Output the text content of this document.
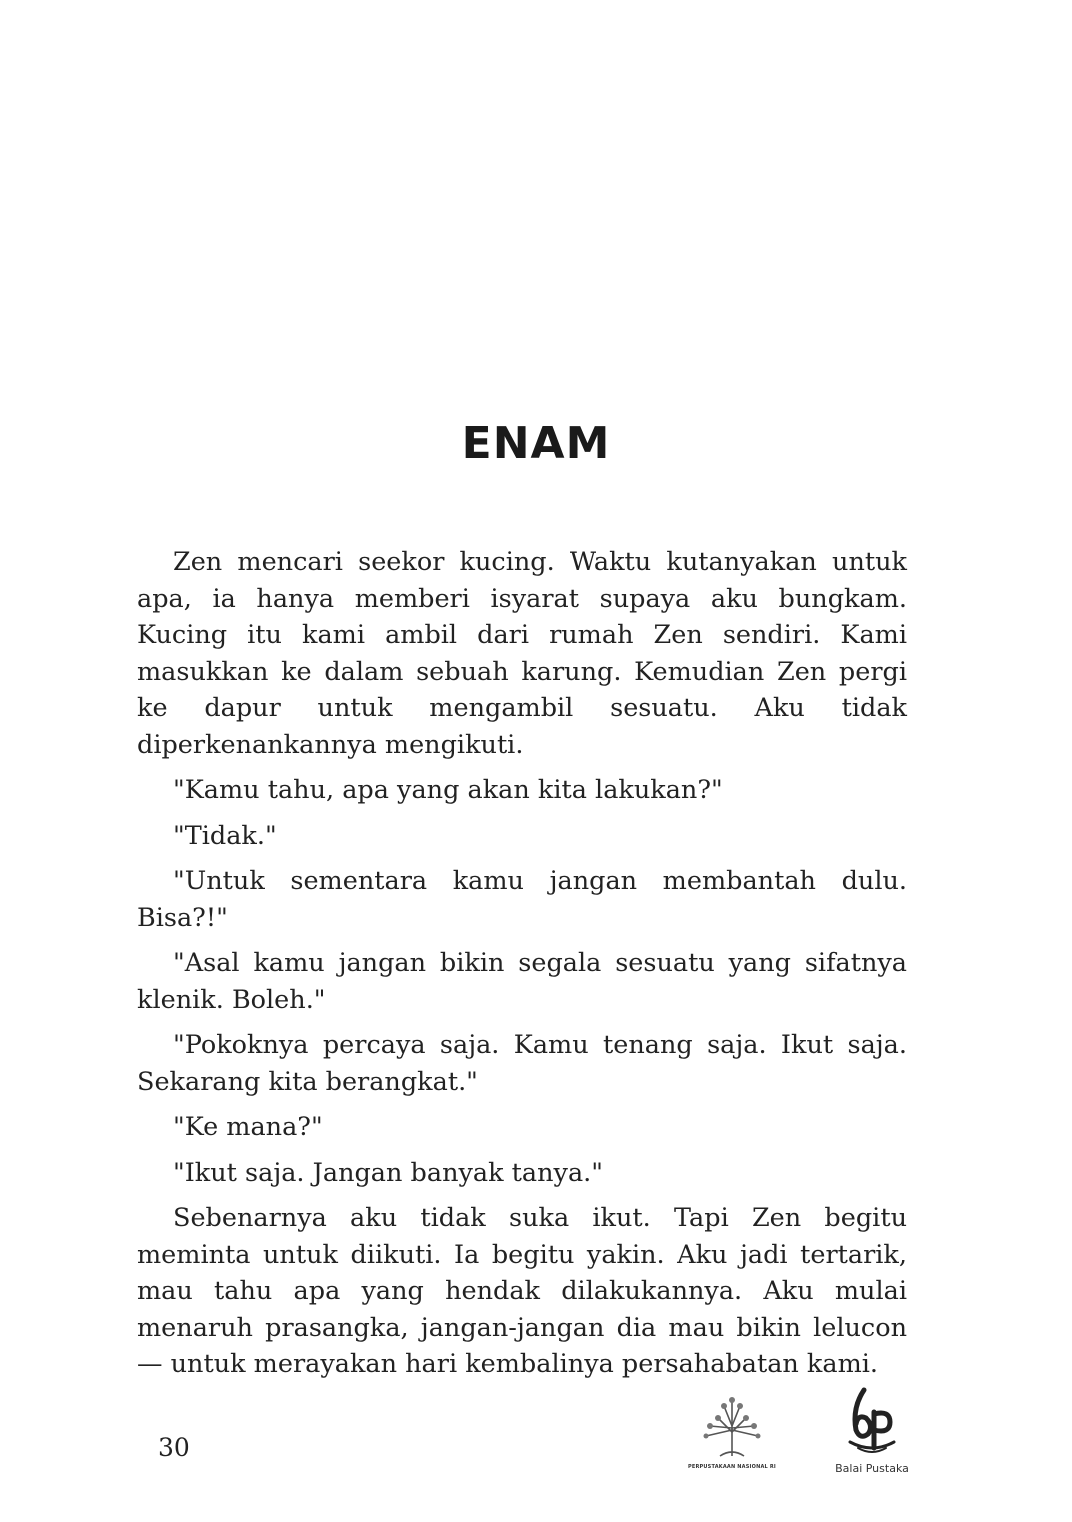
ENAM

Zen mencari seekor kucing. Waktu kutanyakan untuk apa, ia hanya memberi isyarat supaya aku bungkam. Kucing itu kami ambil dari rumah Zen sendiri. Kami masukkan ke dalam sebuah karung. Kemudian Zen pergi ke dapur untuk mengambil sesuatu. Aku tidak diperkenankannya mengikuti.

"Kamu tahu, apa yang akan kita lakukan?"

"Tidak."

"Untuk sementara kamu jangan membantah dulu. Bisa?!"

"Asal kamu jangan bikin segala sesuatu yang sifatnya klenik. Boleh."

"Pokoknya percaya saja. Kamu tenang saja. Ikut saja. Sekarang kita berangkat."

"Ke mana?"

"Ikut saja. Jangan banyak tanya."

Sebenarnya aku tidak suka ikut. Tapi Zen begitu meminta untuk diikuti. Ia begitu yakin. Aku jadi tertarik, mau tahu apa yang hendak dilakukannya. Aku mulai menaruh prasangka, jangan-jangan dia mau bikin lelucon — untuk merayakan hari kembalinya persahabatan kami.

30
PERPUSTAKAAN NASIONAL RI	Balai Pustaka
